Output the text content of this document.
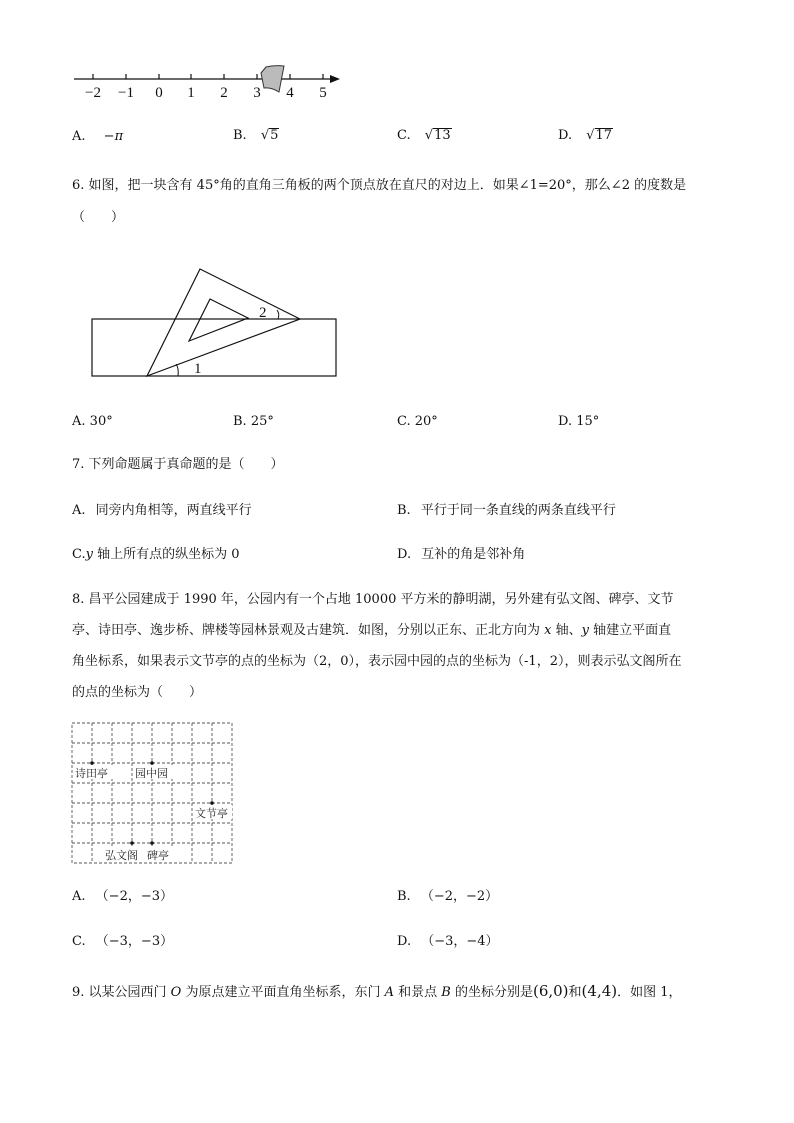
−2 −1 0 1 2 3 4 5
A. −π	B. √5	C. √13	D. √17
6. 如图，把一块含有 45°角的直角三角板的两个顶点放在直尺的对边上．如果∠1=20°，那么∠2 的度数是
（　　）
1
2
A. 30°	B. 25°	C. 20°	D. 15°
7. 下列命题属于真命题的是（　　）
A. 同旁内角相等，两直线平行	B. 平行于同一条直线的两条直线平行
C.y 轴上所有点的纵坐标为 0	D. 互补的角是邻补角
8. 昌平公园建成于 1990 年，公园内有一个占地 10000 平方米的静明湖，另外建有弘文阁、碑亭、文节
亭、诗田亭、逸步桥、牌楼等园林景观及古建筑．如图，分别以正东、正北方向为 x 轴、y 轴建立平面直
角坐标系，如果表示文节亭的点的坐标为（2，0），表示园中园的点的坐标为（-1，2），则表示弘文阁所在
的点的坐标为（　　）
诗田亭 园中园
文节亭
弘文阁 碑亭
A. （−2，−3）	B. （−2，−2）
C. （−3，−3）	D. （−3，−4）
9. 以某公园西门 O 为原点建立平面直角坐标系，东门 A 和景点 B 的坐标分别是(6,0)和(4,4)．如图 1，
